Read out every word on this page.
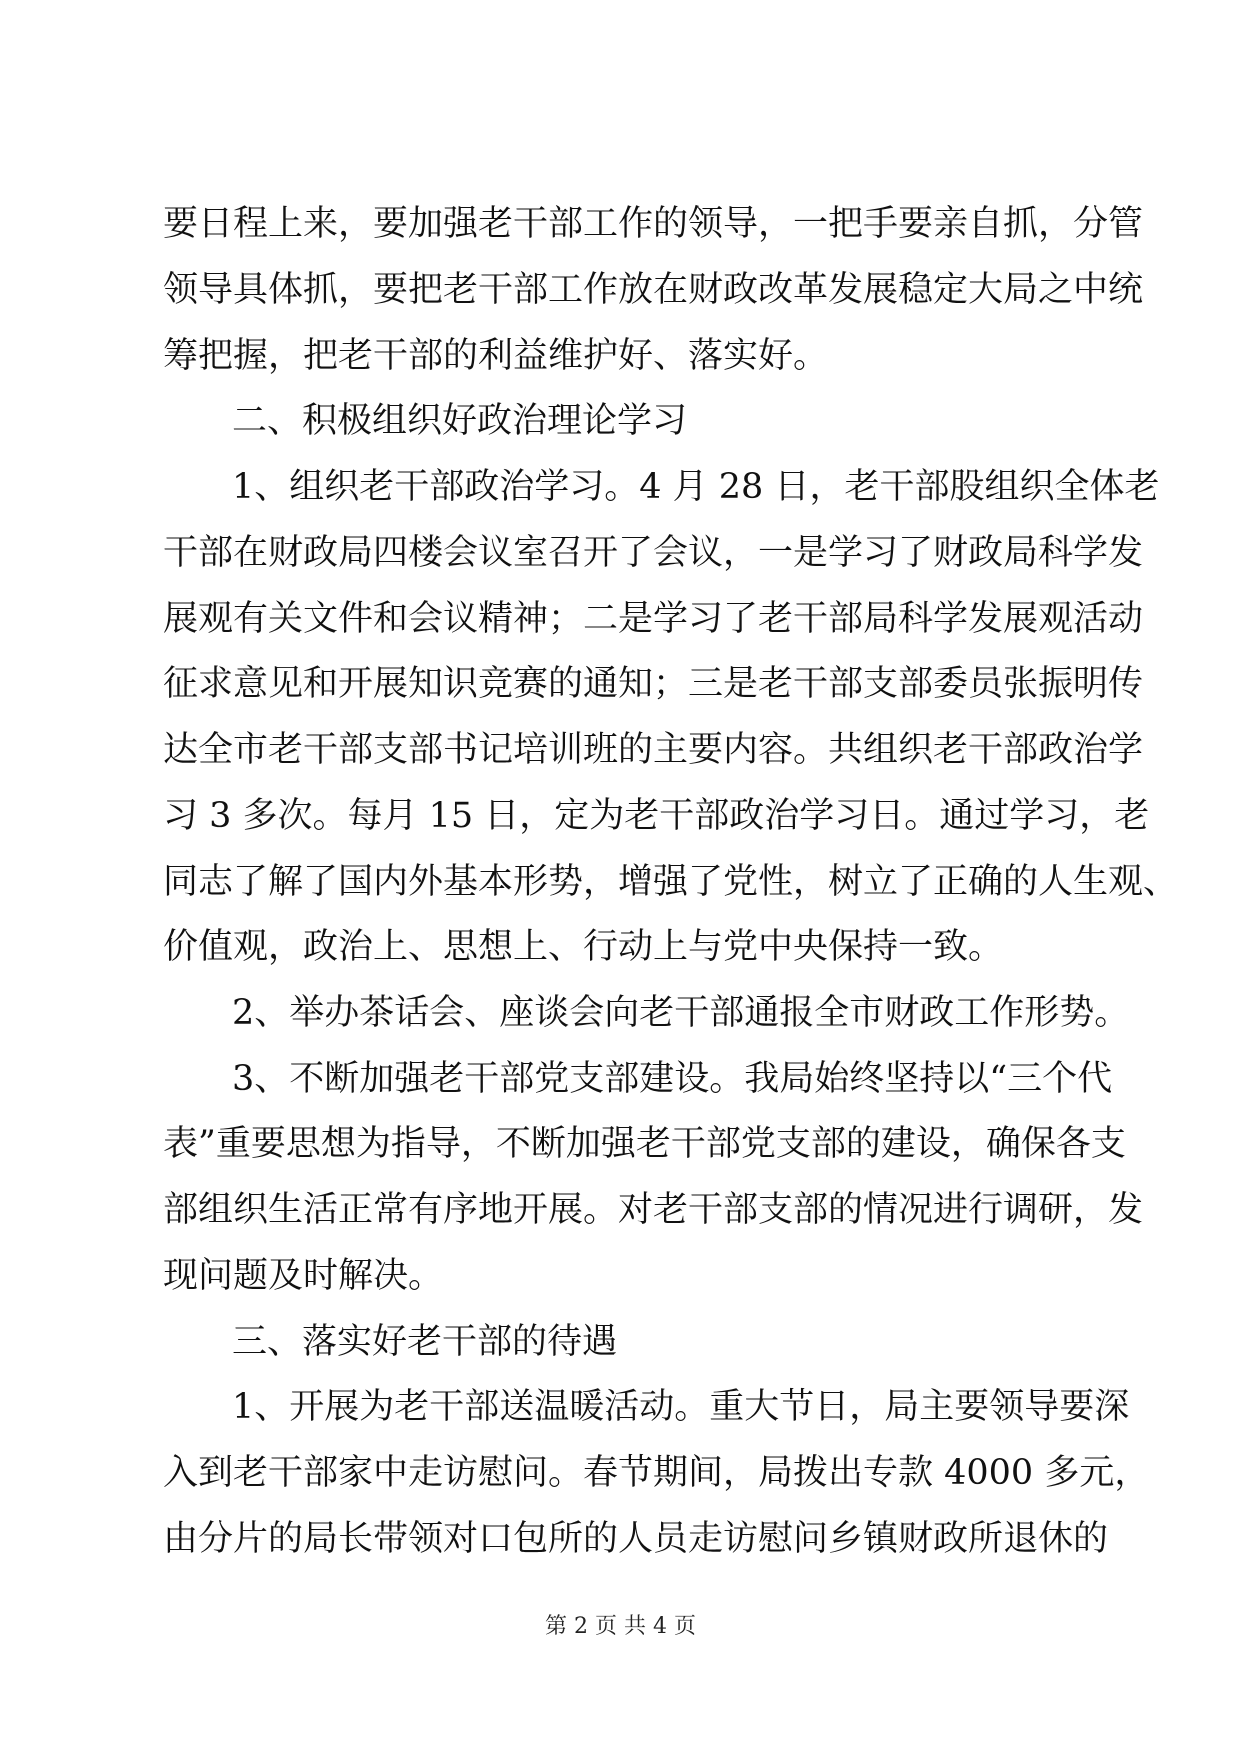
要日程上来，要加强老干部工作的领导，一把手要亲自抓，分管
领导具体抓，要把老干部工作放在财政改革发展稳定大局之中统
筹把握，把老干部的利益维护好、落实好。
二、积极组织好政治理论学习
1、组织老干部政治学习。4 月 28 日，老干部股组织全体老
干部在财政局四楼会议室召开了会议，一是学习了财政局科学发
展观有关文件和会议精神；二是学习了老干部局科学发展观活动
征求意见和开展知识竞赛的通知；三是老干部支部委员张振明传
达全市老干部支部书记培训班的主要内容。共组织老干部政治学
习 3 多次。每月 15 日，定为老干部政治学习日。通过学习，老
同志了解了国内外基本形势，增强了党性，树立了正确的人生观、
价值观，政治上、思想上、行动上与党中央保持一致。
2、举办茶话会、座谈会向老干部通报全市财政工作形势。
3、不断加强老干部党支部建设。我局始终坚持以“三个代
表”重要思想为指导，不断加强老干部党支部的建设，确保各支
部组织生活正常有序地开展。对老干部支部的情况进行调研，发
现问题及时解决。
三、落实好老干部的待遇
1、开展为老干部送温暖活动。重大节日，局主要领导要深
入到老干部家中走访慰问。春节期间，局拨出专款 4000 多元，
由分片的局长带领对口包所的人员走访慰问乡镇财政所退休的
第 2 页 共 4 页
